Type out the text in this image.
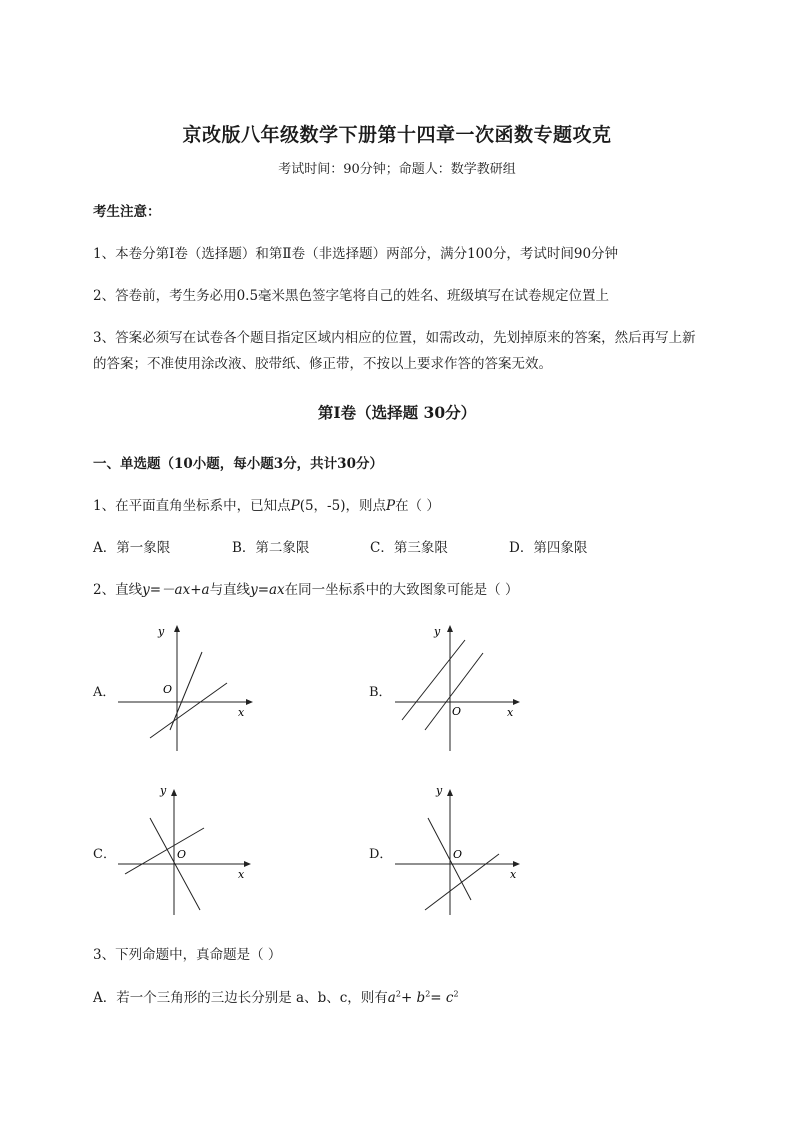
京改版八年级数学下册第十四章一次函数专题攻克
考试时间：90分钟；命题人：数学教研组
考生注意：
1、本卷分第I卷（选择题）和第Ⅱ卷（非选择题）两部分，满分100分，考试时间90分钟
2、答卷前，考生务必用0.5毫米黑色签字笔将自己的姓名、班级填写在试卷规定位置上
3、答案必须写在试卷各个题目指定区域内相应的位置，如需改动，先划掉原来的答案，然后再写上新
的答案；不准使用涂改液、胶带纸、修正带，不按以上要求作答的答案无效。
第I卷（选择题 30分）
一、单选题（10小题，每小题3分，共计30分）
1、在平面直角坐标系中，已知点P(5，-5)，则点P在（ ）
A．第一象限	B．第二象限	C．第三象限	D．第四象限
2、直线y=－ax+a与直线y=ax在同一坐标系中的大致图象可能是（ ）
A．	B．
C．	D．
y
x
O
y
x
O
y
x
O
y
x
O
3、下列命题中，真命题是（ ）
A．若一个三角形的三边长分别是 a、b、c，则有$a^2+ b^2= c^2$
